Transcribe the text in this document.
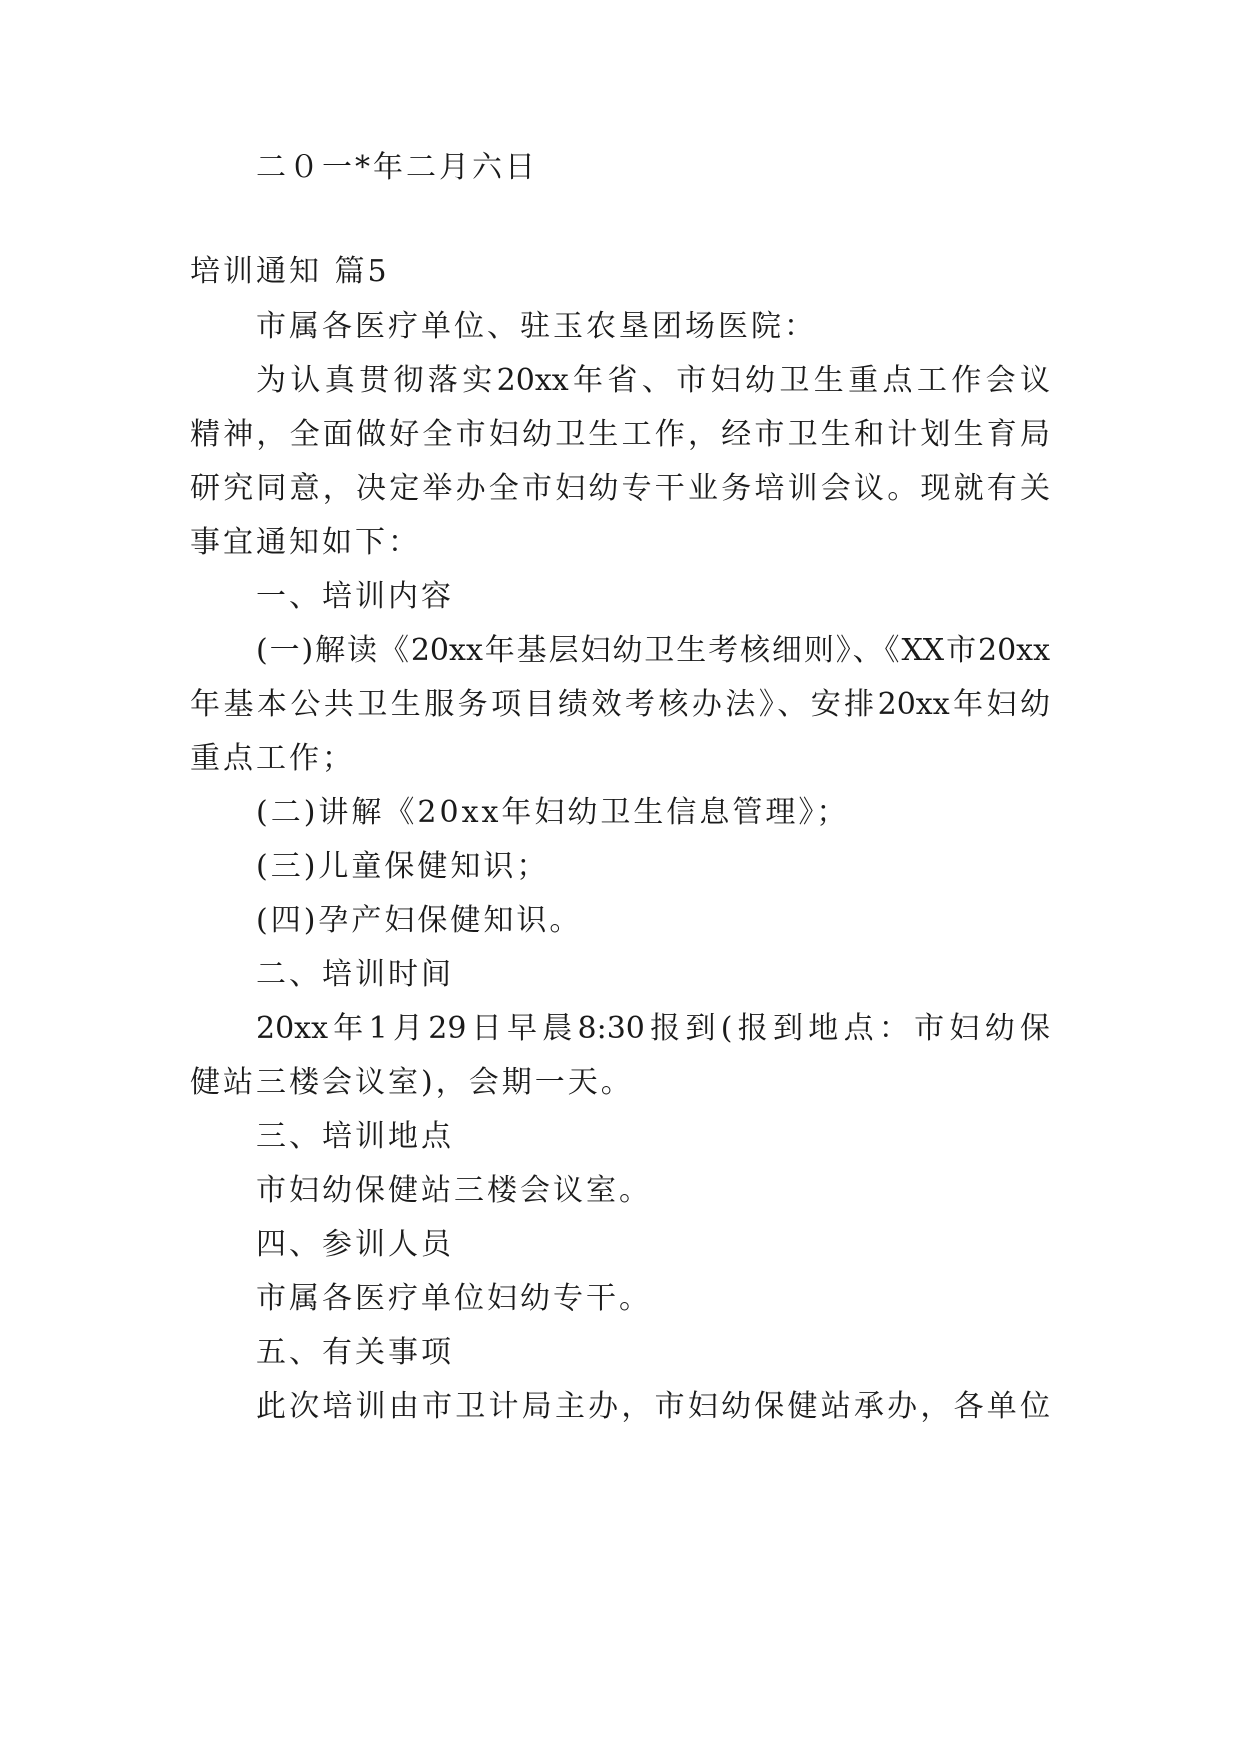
二０一*年二月六日
培训通知 篇5
市属各医疗单位、驻玉农垦团场医院：
为认真贯彻落实20xx年省、市妇幼卫生重点工作会议
精神，全面做好全市妇幼卫生工作，经市卫生和计划生育局
研究同意，决定举办全市妇幼专干业务培训会议。现就有关
事宜通知如下：
一、培训内容
(一)解读《20xx年基层妇幼卫生考核细则》、《XX市20xx
年基本公共卫生服务项目绩效考核办法》、安排20xx年妇幼
重点工作；
(二)讲解《20xx年妇幼卫生信息管理》；
(三)儿童保健知识；
(四)孕产妇保健知识。
二、培训时间
20xx年1月29日早晨8:30报到(报到地点：市妇幼保
健站三楼会议室)，会期一天。
三、培训地点
市妇幼保健站三楼会议室。
四、参训人员
市属各医疗单位妇幼专干。
五、有关事项
此次培训由市卫计局主办，市妇幼保健站承办，各单位
